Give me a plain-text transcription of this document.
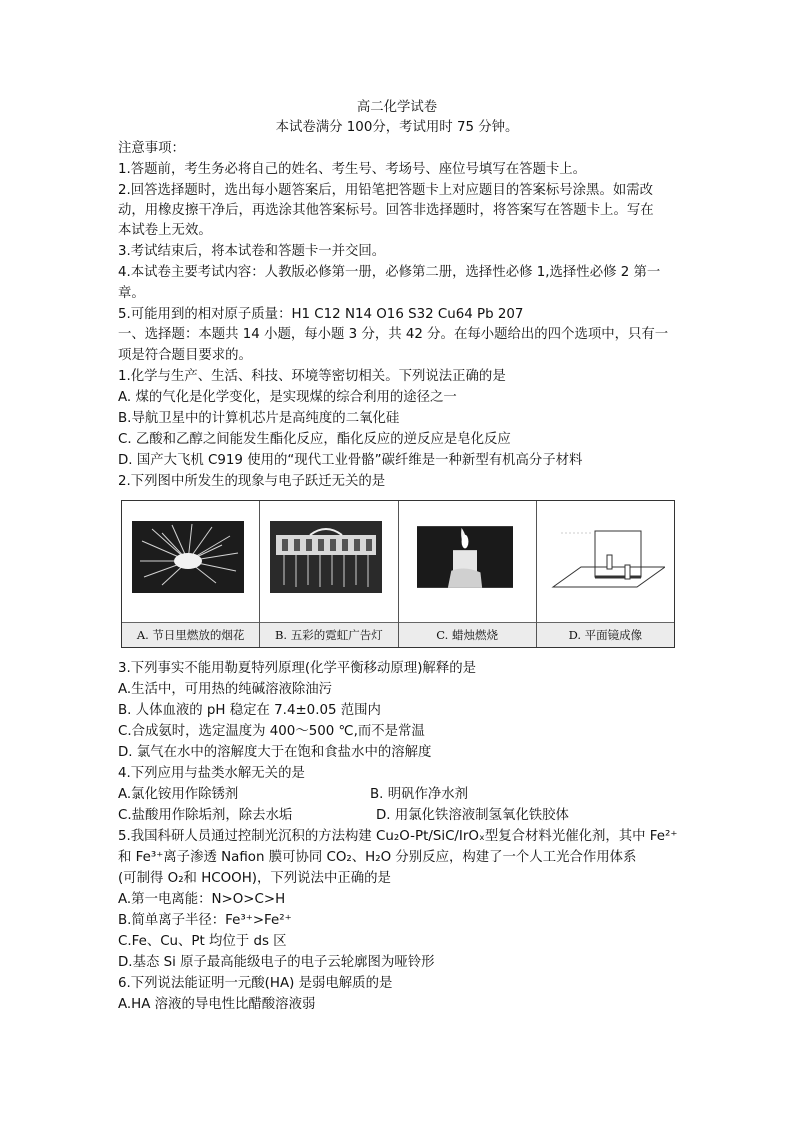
高二化学试卷
本试卷满分 100分，考试用时 75 分钟。
注意事项：
1.答题前，考生务必将自己的姓名、考生号、考场号、座位号填写在答题卡上。
2.回答选择题时，选出每小题答案后，用铅笔把答题卡上对应题目的答案标号涂黑。如需改
动，用橡皮擦干净后，再选涂其他答案标号。回答非选择题时，将答案写在答题卡上。写在
本试卷上无效。
3.考试结束后，将本试卷和答题卡一并交回。
4.本试卷主要考试内容：人教版必修第一册，必修第二册，选择性必修 1,选择性必修 2 第一
章。
5.可能用到的相对原子质量：H1 C12 N14 O16 S32 Cu64 Pb 207
一、选择题：本题共 14 小题，每小题 3 分，共 42 分。在每小题给出的四个选项中，只有一
项是符合题目要求的。
1.化学与生产、生活、科技、环境等密切相关。下列说法正确的是
A. 煤的气化是化学变化，是实现煤的综合利用的途径之一
B.导航卫星中的计算机芯片是高纯度的二氧化硅
C. 乙酸和乙醇之间能发生酯化反应，酯化反应的逆反应是皂化反应
D. 国产大飞机 C919 使用的“现代工业骨骼”碳纤维是一种新型有机高分子材料
2.下列图中所发生的现象与电子跃迁无关的是
A. 节日里燃放的烟花	B. 五彩的霓虹广告灯	C. 蜡烛燃烧	D. 平面镜成像
3.下列事实不能用勒夏特列原理(化学平衡移动原理)解释的是
A.生活中，可用热的纯碱溶液除油污
B. 人体血液的 pH 稳定在 7.4±0.05 范围内
C.合成氨时，选定温度为 400～500 ℃,而不是常温
D. 氯气在水中的溶解度大于在饱和食盐水中的溶解度
4.下列应用与盐类水解无关的是
A.氯化铵用作除锈剂	B. 明矾作净水剂
C.盐酸用作除垢剂，除去水垢	D. 用氯化铁溶液制氢氧化铁胶体
5.我国科研人员通过控制光沉积的方法构建 Cu₂O-Pt/SiC/IrOₓ型复合材料光催化剂，其中 Fe²⁺
和 Fe³⁺离子渗透 Nafion 膜可协同 CO₂、H₂O 分别反应，构建了一个人工光合作用体系
(可制得 O₂和 HCOOH)，下列说法中正确的是
A.第一电离能：N>O>C>H
B.简单离子半径：Fe³⁺>Fe²⁺
C.Fe、Cu、Pt 均位于 ds 区
D.基态 Si 原子最高能级电子的电子云轮廓图为哑铃形
6.下列说法能证明一元酸(HA) 是弱电解质的是
A.HA 溶液的导电性比醋酸溶液弱
